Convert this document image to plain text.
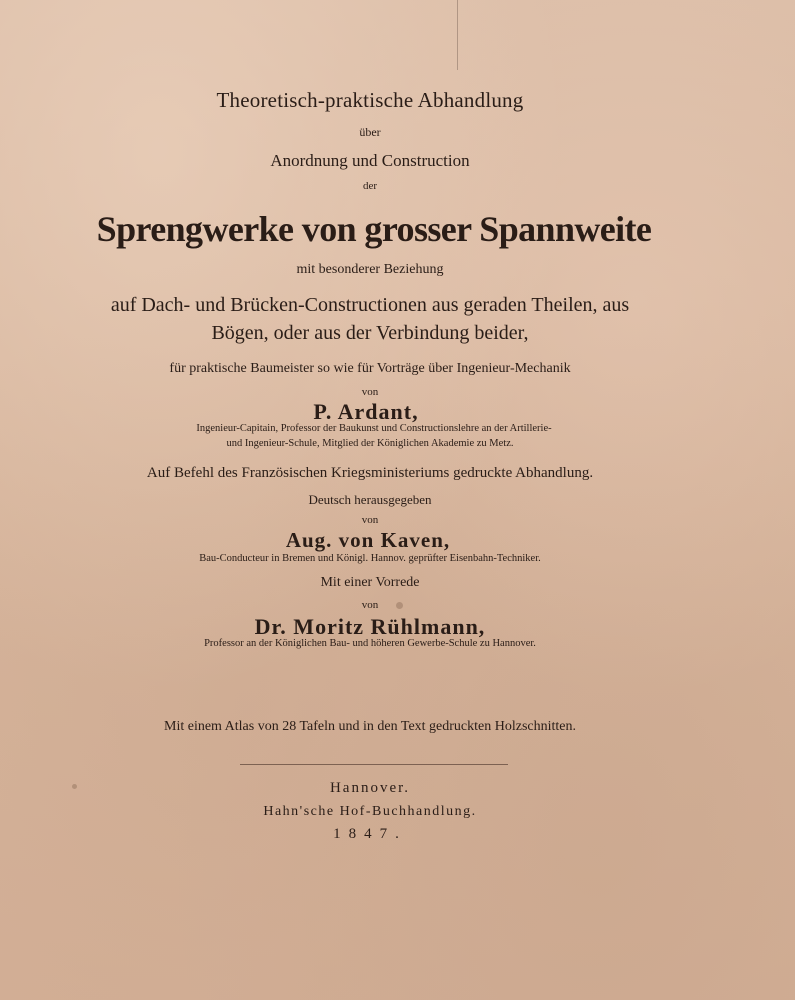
Theoretisch-praktische Abhandlung
über
Anordnung und Construction
der
Sprengwerke von grosser Spannweite
mit besonderer Beziehung
auf Dach- und Brücken-Constructionen aus geraden Theilen, aus
Bögen, oder aus der Verbindung beider,
für praktische Baumeister so wie für Vorträge über Ingenieur-Mechanik
von
P. Ardant,
Ingenieur-Capitain, Professor der Baukunst und Constructionslehre an der Artillerie-
und Ingenieur-Schule, Mitglied der Königlichen Akademie zu Metz.
Auf Befehl des Französischen Kriegsministeriums gedruckte Abhandlung.
Deutsch herausgegeben
von
Aug. von Kaven,
Bau-Conducteur in Bremen und Königl. Hannov. geprüfter Eisenbahn-Techniker.
Mit einer Vorrede
von
Dr. Moritz Rühlmann,
Professor an der Königlichen Bau- und höheren Gewerbe-Schule zu Hannover.
Mit einem Atlas von 28 Tafeln und in den Text gedruckten Holzschnitten.
Hannover.
Hahn'sche Hof-Buchhandlung.
1847.
